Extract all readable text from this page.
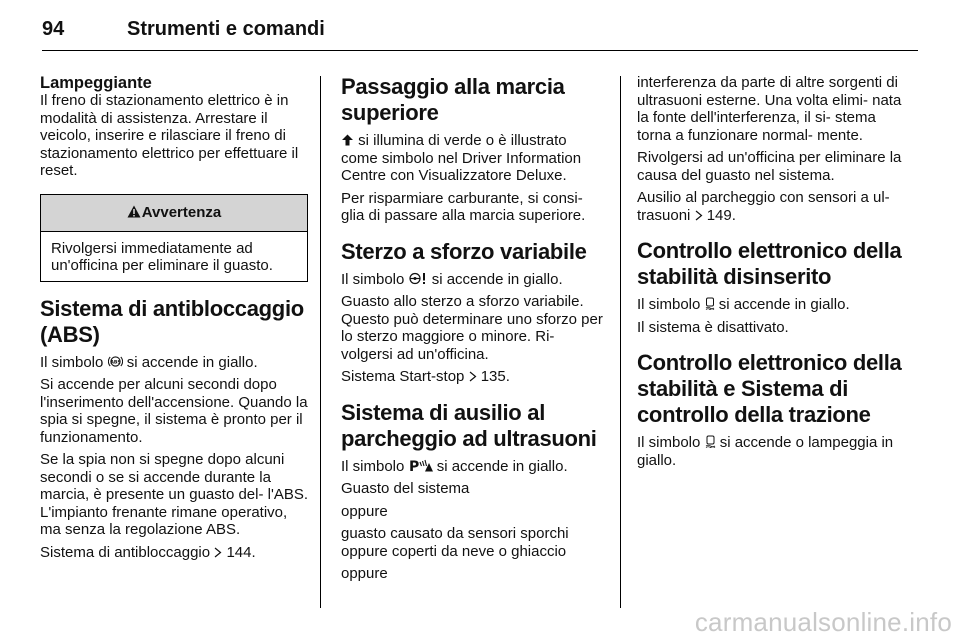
94	Strumenti e comandi
Lampeggiante

Il freno di stazionamento elettrico è in modalità di assistenza. Arrestare il veicolo, inserire e rilasciare il freno di stazionamento elettrico per effettuare il reset.

Avvertenza

Rivolgersi immediatamente ad un'officina per eliminare il guasto.

Sistema di antibloccaggio (ABS)

Il simbolo ABS si accende in giallo.

Si accende per alcuni secondi dopo l'inserimento dell'accensione. Quando la spia si spegne, il sistema è pronto per il funzionamento.

Se la spia non si spegne dopo alcuni secondi o se si accende durante la marcia, è presente un guasto del- l'ABS. L'impianto frenante rimane operativo, ma senza la regolazione ABS.

Sistema di antibloccaggio  144.

Passaggio alla marcia superiore

si illumina di verde o è illustrato come simbolo nel Driver Information Centre con Visualizzatore Deluxe.

Per risparmiare carburante, si consi- glia di passare alla marcia superiore.

Sterzo a sforzo variabile

Il simbolo  si accende in giallo.

Guasto allo sterzo a sforzo variabile. Questo può determinare uno sforzo per lo sterzo maggiore o minore. Ri- volgersi ad un'officina.

Sistema Start-stop  135.

Sistema di ausilio al parcheggio ad ultrasuoni

Il simbolo P si accende in giallo.

Guasto del sistema

oppure

guasto causato da sensori sporchi oppure coperti da neve o ghiaccio

oppure

interferenza da parte di altre sorgenti di ultrasuoni esterne. Una volta elimi- nata la fonte dell'interferenza, il si- stema torna a funzionare normal- mente.

Rivolgersi ad un'officina per eliminare la causa del guasto nel sistema.

Ausilio al parcheggio con sensori a ul- trasuoni  149.

Controllo elettronico della stabilità disinserito

Il simbolo  si accende in giallo.

Il sistema è disattivato.

Controllo elettronico della stabilità e Sistema di controllo della trazione

Il simbolo  si accende o lampeggia in giallo.

carmanualsonline.info
